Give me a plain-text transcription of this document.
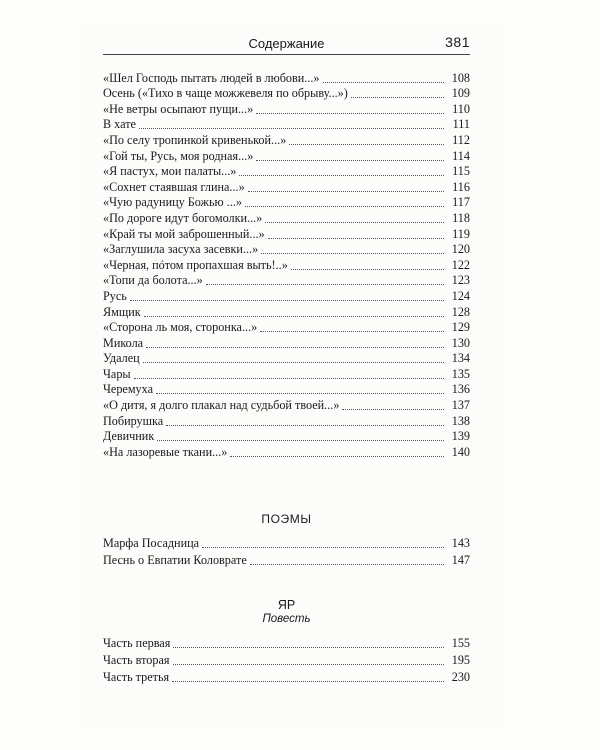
Содержание	381
«Шел Господь пытать людей в любови...»	108
Осень («Тихо в чаще можжевеля по обрыву...»)	109
«Не ветры осыпают пущи...»	110
В хате	111
«По селу тропинкой кривенькой...»	112
«Гой ты, Русь, моя родная...»	114
«Я пастух, мои палаты...»	115
«Сохнет стаявшая глина...»	116
«Чую радуницу Божью ...»	117
«По дороге идут богомолки...»	118
«Край ты мой заброшенный...»	119
«Заглушила засуха засевки...»	120
«Черная, пóтом пропахшая выть!..»	122
«Топи да болота...»	123
Русь	124
Ямщик	128
«Сторона ль моя, сторонка...»	129
Микола	130
Удалец	134
Чары	135
Черемуха	136
«О дитя, я долго плакал над судьбой твоей...»	137
Побирушка	138
Девичник	139
«На лазоревые ткани...»	140
ПОЭМЫ
Марфа Посадница	143
Песнь о Евпатии Коловрате	147
ЯР
Повесть
Часть первая	155
Часть вторая	195
Часть третья	230
